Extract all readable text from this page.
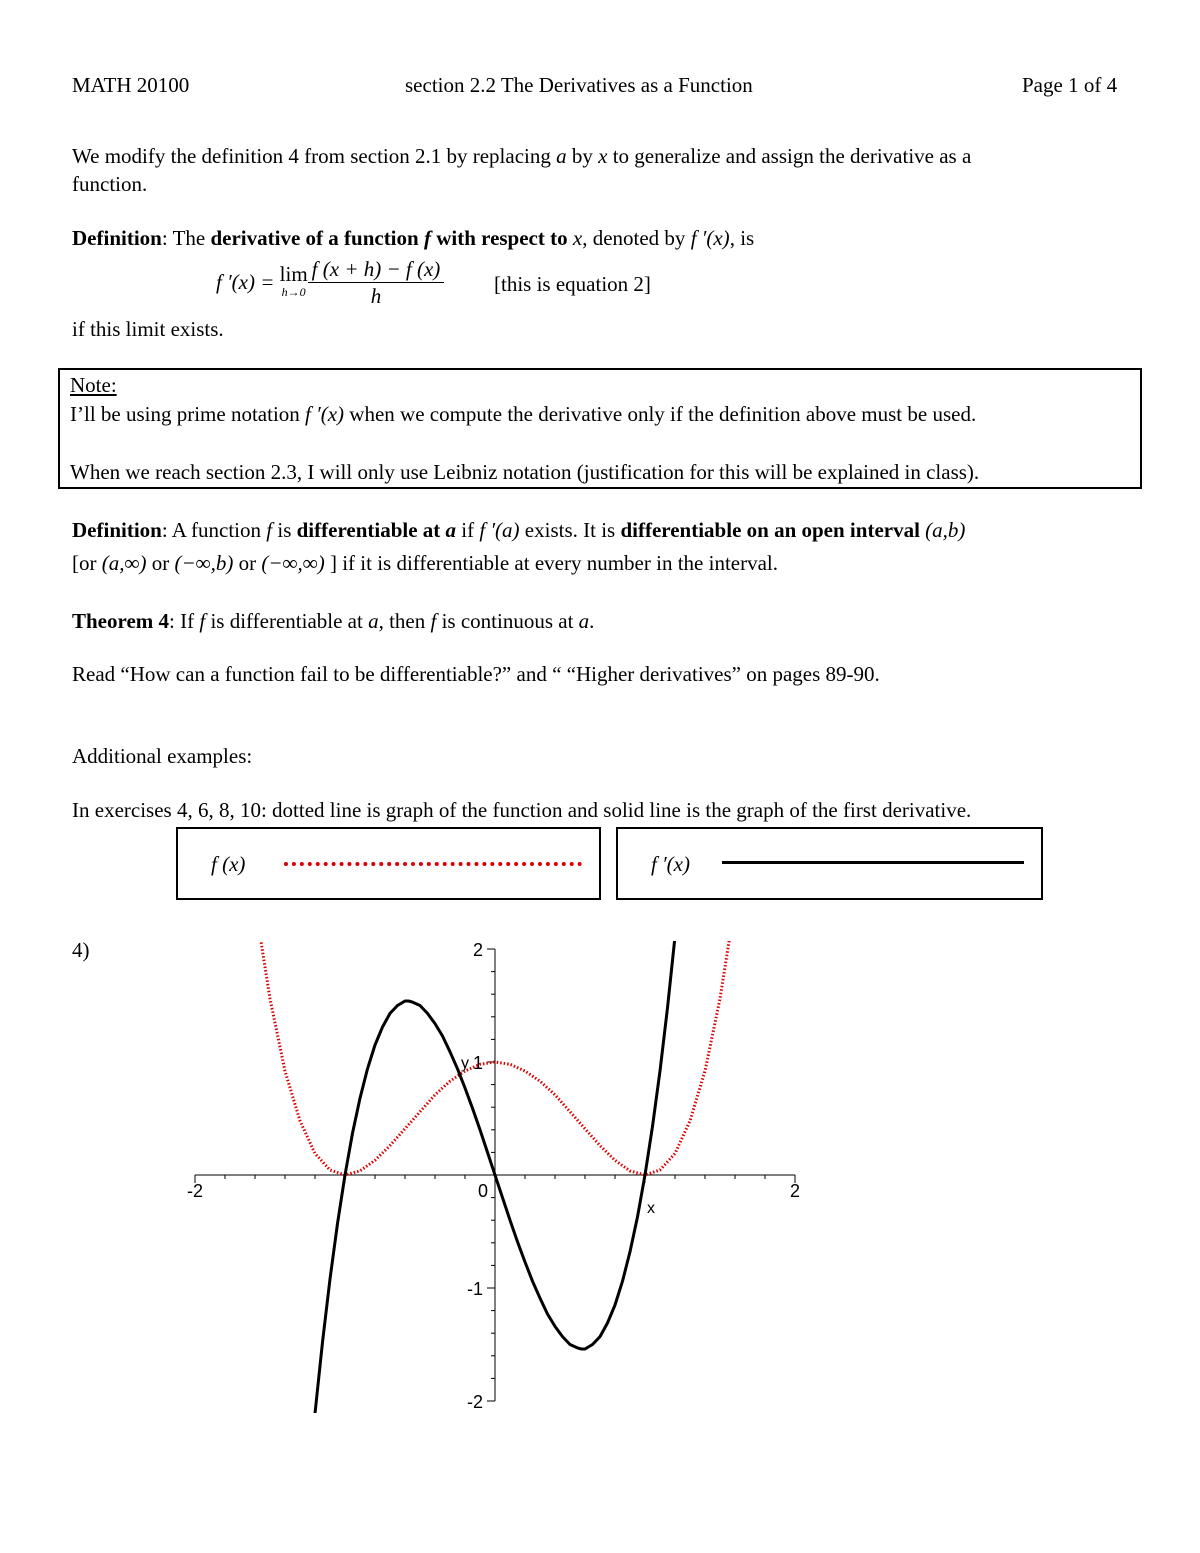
MATH 20100	section 2.2 The Derivatives as a Function	Page 1 of 4
We modify the definition 4 from section 2.1 by replacing a by x to generalize and assign the derivative as a
function.
Definition: The derivative of a function f with respect to x, denoted by f ′(x), is
f ′(x) = lim
$h\to 0 \frac{f (x + h) - f (x)}{h}$ [this is equation 2]
if this limit exists.
Note:
I’ll be using prime notation f ′(x) when we compute the derivative only if the definition above must be used.
When we reach section 2.3, I will only use Leibniz notation (justification for this will be explained in class).
Definition: A function f is differentiable at a if f ′(a) exists. It is differentiable on an open interval (a,b)
[or (a,∞) or (−∞,b) or (−∞,∞) ] if it is differentiable at every number in the interval.
Theorem 4: If f is differentiable at a, then f is continuous at a.
Read “How can a function fail to be differentiable?” and “ “Higher derivatives” on pages 89-90.
Additional examples:
In exercises 4, 6, 8, 10: dotted line is graph of the function and solid line is the graph of the first derivative.
f (x)	f ′(x)
4)
-2	0	2
2
1
-1
-2
x
y
